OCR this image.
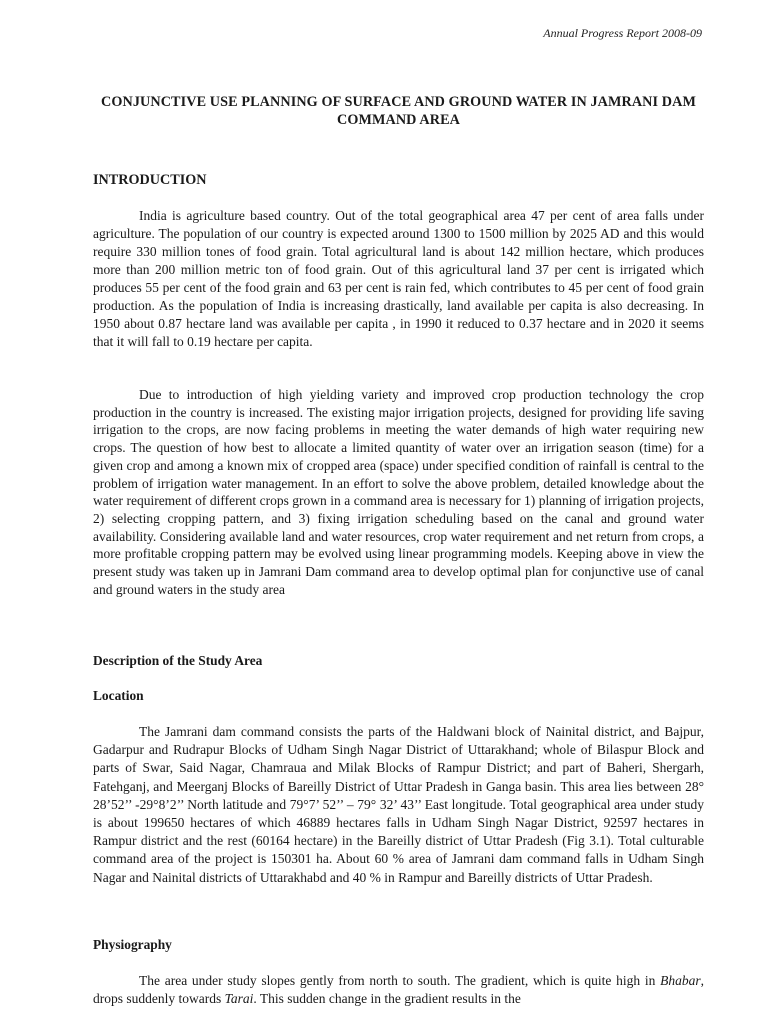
Annual Progress Report 2008-09
CONJUNCTIVE USE PLANNING OF SURFACE AND GROUND WATER IN JAMRANI DAM COMMAND AREA
INTRODUCTION

India is agriculture based country. Out of the total geographical area 47 per cent of area falls under agriculture. The population of our country is expected around 1300 to 1500 million by 2025 AD and this would require 330 million tones of food grain. Total agricultural land is about 142 million hectare, which produces more than 200 million metric ton of food grain. Out of this agricultural land 37 per cent is irrigated which produces 55 per cent of the food grain and 63 per cent is rain fed, which contributes to 45 per cent of food grain production. As the population of India is increasing drastically, land available per capita is also decreasing. In 1950 about 0.87 hectare land was available per capita , in 1990 it reduced to 0.37 hectare and in 2020 it seems that it will fall to 0.19 hectare per capita.

Due to introduction of high yielding variety and improved crop production technology the crop production in the country is increased. The existing major irrigation projects, designed for providing life saving irrigation to the crops, are now facing problems in meeting the water demands of high water requiring new crops. The question of how best to allocate a limited quantity of water over an irrigation season (time) for a given crop and among a known mix of cropped area (space) under specified condition of rainfall is central to the problem of irrigation water management. In an effort to solve the above problem, detailed knowledge about the water requirement of different crops grown in a command area is necessary for 1) planning of irrigation projects, 2) selecting cropping pattern, and 3) fixing irrigation scheduling based on the canal and ground water availability. Considering available land and water resources, crop water requirement and net return from crops, a more profitable cropping pattern may be evolved using linear programming models. Keeping above in view the present study was taken up in Jamrani Dam command area to develop optimal plan for conjunctive use of canal and ground waters in the study area

Description of the Study Area
Location

The Jamrani dam command consists the parts of the Haldwani block of Nainital district, and Bajpur, Gadarpur and Rudrapur Blocks of Udham Singh Nagar District of Uttarakhand; whole of Bilaspur Block and parts of Swar, Said Nagar, Chamraua and Milak Blocks of Rampur District; and part of Baheri, Shergarh, Fatehganj, and Meerganj Blocks of Bareilly District of Uttar Pradesh in Ganga basin. This area lies between 28° 28’52’’ -29°8’2’’ North latitude and 79°7’ 52’’ – 79° 32’ 43’’ East longitude. Total geographical area under study is about 199650 hectares of which 46889 hectares falls in Udham Singh Nagar District, 92597 hectares in Rampur district and the rest (60164 hectare) in the Bareilly district of Uttar Pradesh (Fig 3.1). Total culturable command area of the project is 150301 ha. About 60 % area of Jamrani dam command falls in Udham Singh Nagar and Nainital districts of Uttarakhabd and 40 % in Rampur and Bareilly districts of Uttar Pradesh.

Physiography

The area under study slopes gently from north to south. The gradient, which is quite high in Bhabar, drops suddenly towards Tarai. This sudden change in the gradient results in the
